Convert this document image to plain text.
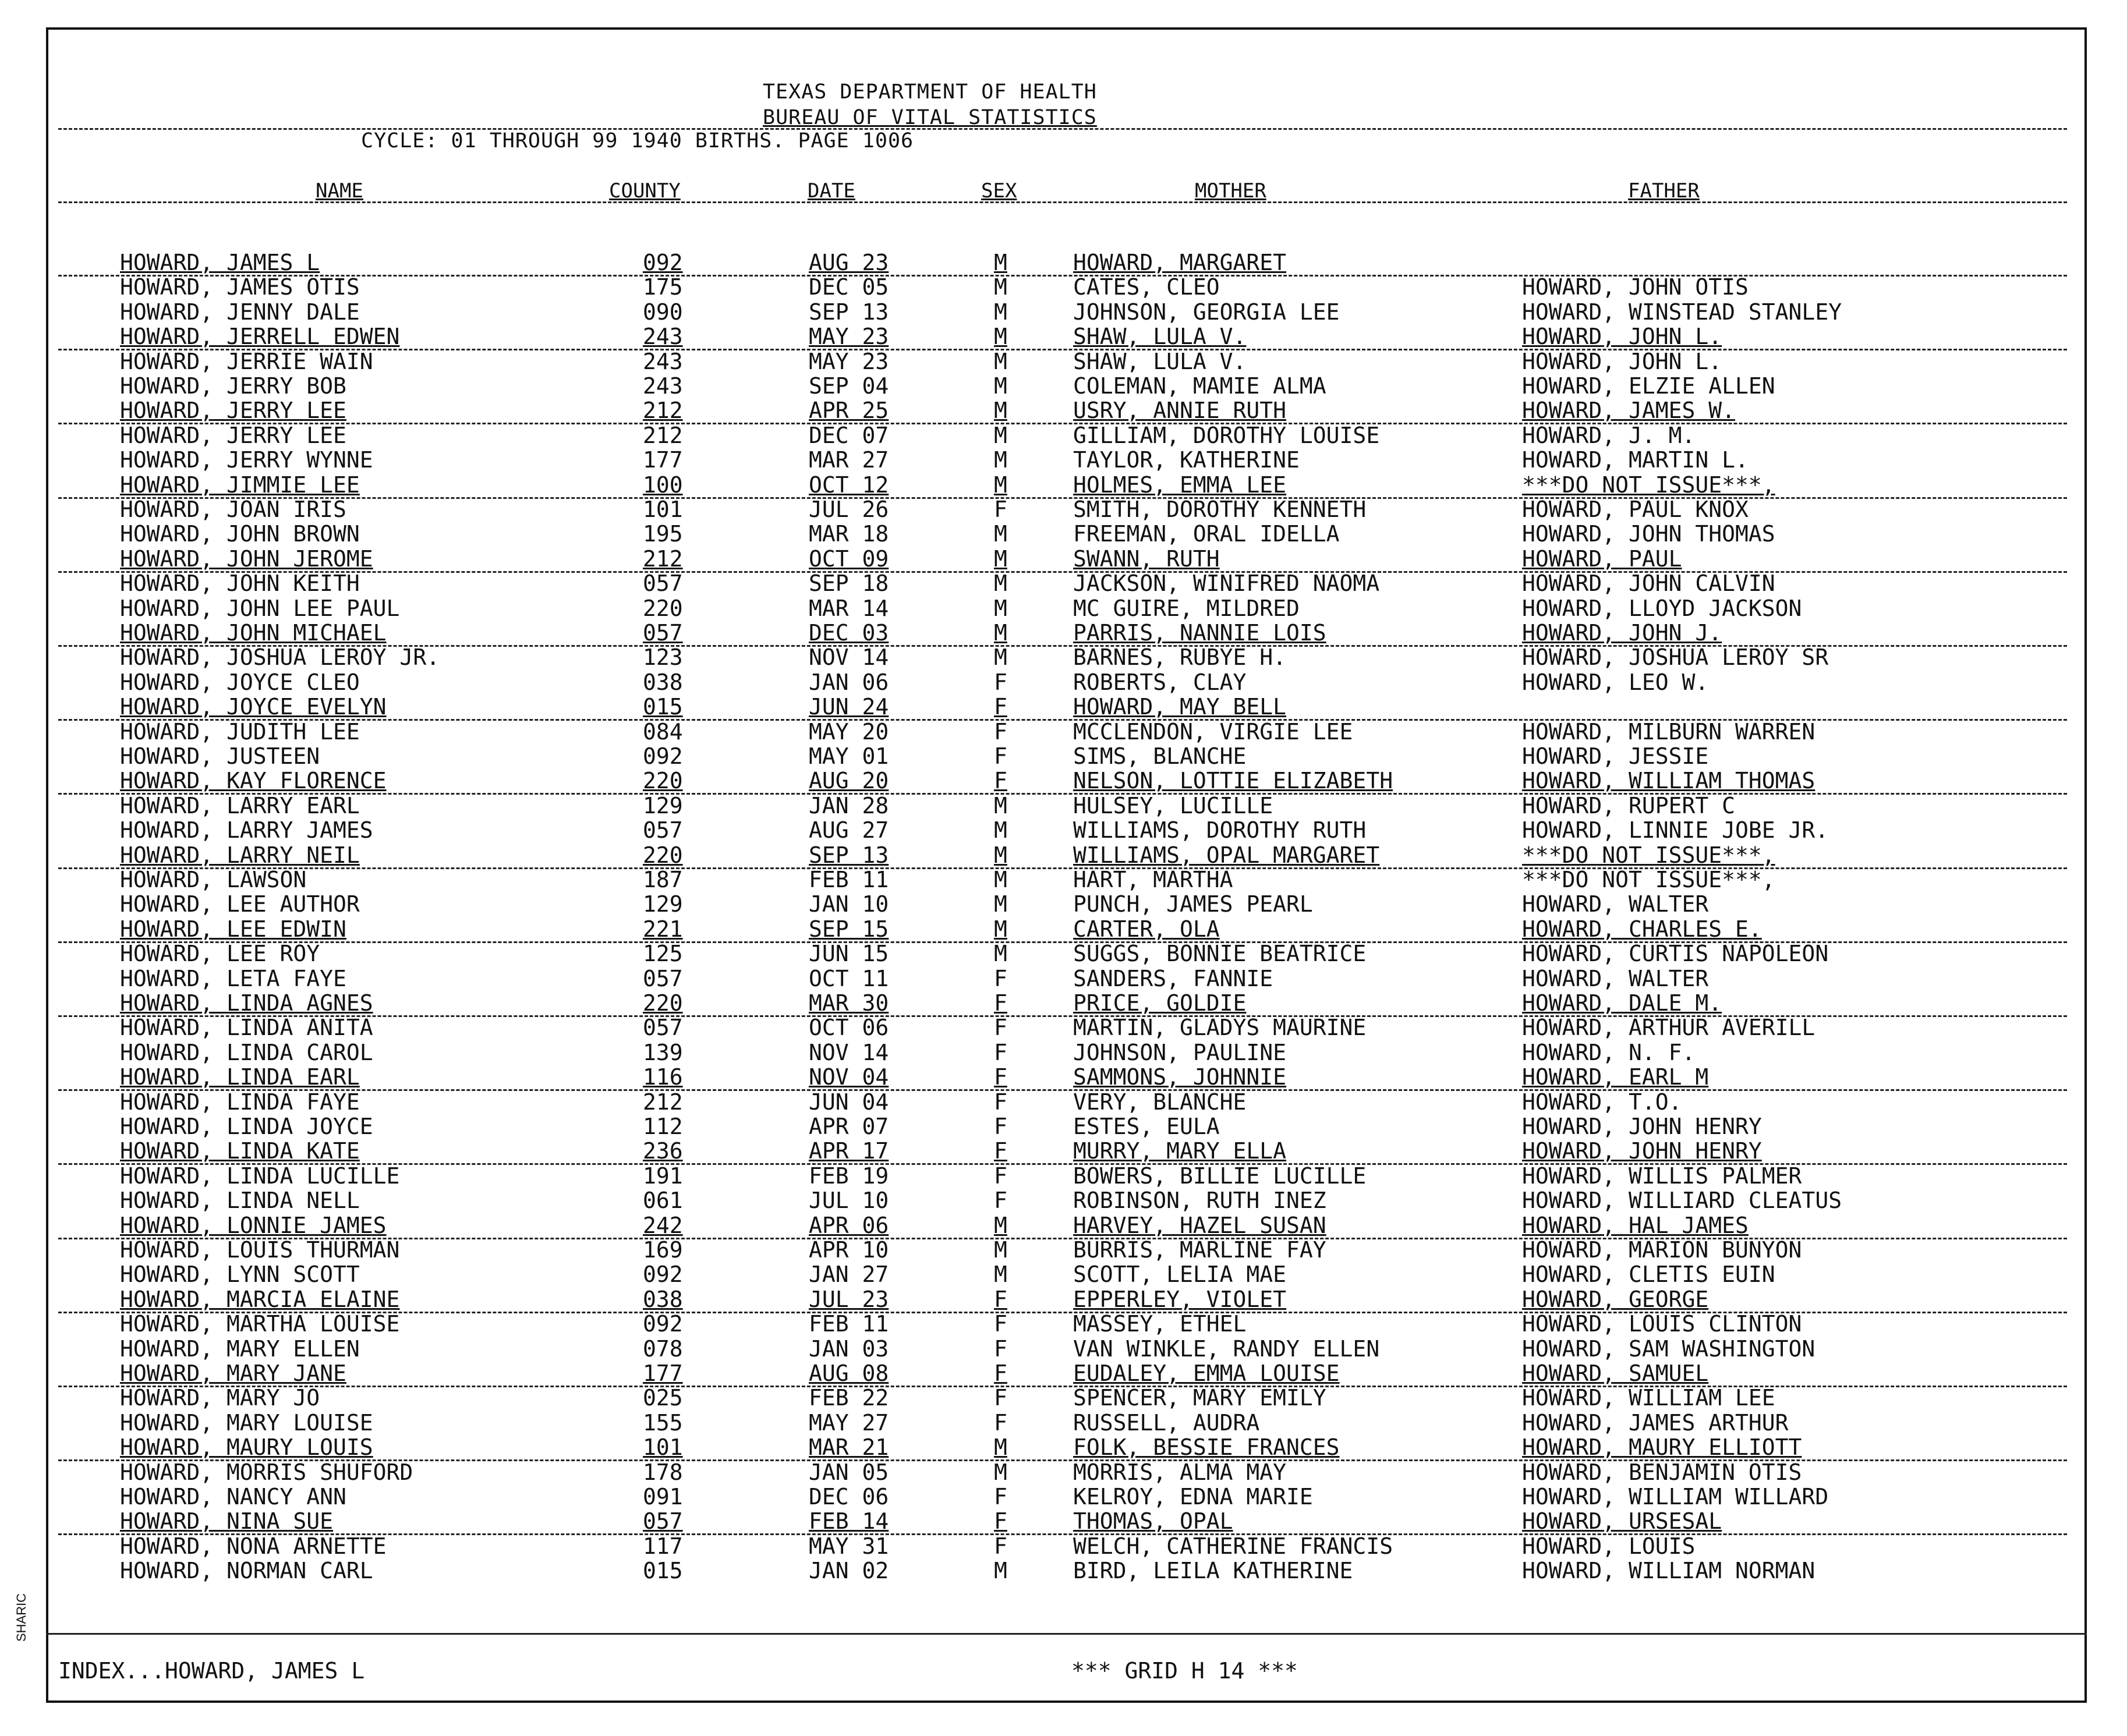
SHARIC
TEXAS DEPARTMENT OF HEALTH
BUREAU OF VITAL STATISTICS
CYCLE: 01 THROUGH 99 1940 BIRTHS. PAGE 1006
NAME	COUNTY	DATE	SEX	MOTHER	FATHER
HOWARD, JAMES L	092	AUG 23	M	HOWARD, MARGARET
HOWARD, JAMES OTIS	175	DEC 05	M	CATES, CLEO	HOWARD, JOHN OTIS
HOWARD, JENNY DALE	090	SEP 13	M	JOHNSON, GEORGIA LEE	HOWARD, WINSTEAD STANLEY
HOWARD, JERRELL EDWEN	243	MAY 23	M	SHAW, LULA V.	HOWARD, JOHN L.
HOWARD, JERRIE WAIN	243	MAY 23	M	SHAW, LULA V.	HOWARD, JOHN L.
HOWARD, JERRY BOB	243	SEP 04	M	COLEMAN, MAMIE ALMA	HOWARD, ELZIE ALLEN
HOWARD, JERRY LEE	212	APR 25	M	USRY, ANNIE RUTH	HOWARD, JAMES W.
HOWARD, JERRY LEE	212	DEC 07	M	GILLIAM, DOROTHY LOUISE	HOWARD, J. M.
HOWARD, JERRY WYNNE	177	MAR 27	M	TAYLOR, KATHERINE	HOWARD, MARTIN L.
HOWARD, JIMMIE LEE	100	OCT 12	M	HOLMES, EMMA LEE	***DO NOT ISSUE***,
HOWARD, JOAN IRIS	101	JUL 26	F	SMITH, DOROTHY KENNETH	HOWARD, PAUL KNOX
HOWARD, JOHN BROWN	195	MAR 18	M	FREEMAN, ORAL IDELLA	HOWARD, JOHN THOMAS
HOWARD, JOHN JEROME	212	OCT 09	M	SWANN, RUTH	HOWARD, PAUL
HOWARD, JOHN KEITH	057	SEP 18	M	JACKSON, WINIFRED NAOMA	HOWARD, JOHN CALVIN
HOWARD, JOHN LEE PAUL	220	MAR 14	M	MC GUIRE, MILDRED	HOWARD, LLOYD JACKSON
HOWARD, JOHN MICHAEL	057	DEC 03	M	PARRIS, NANNIE LOIS	HOWARD, JOHN J.
HOWARD, JOSHUA LEROY JR.	123	NOV 14	M	BARNES, RUBYE H.	HOWARD, JOSHUA LEROY SR
HOWARD, JOYCE CLEO	038	JAN 06	F	ROBERTS, CLAY	HOWARD, LEO W.
HOWARD, JOYCE EVELYN	015	JUN 24	F	HOWARD, MAY BELL
HOWARD, JUDITH LEE	084	MAY 20	F	MCCLENDON, VIRGIE LEE	HOWARD, MILBURN WARREN
HOWARD, JUSTEEN	092	MAY 01	F	SIMS, BLANCHE	HOWARD, JESSIE
HOWARD, KAY FLORENCE	220	AUG 20	F	NELSON, LOTTIE ELIZABETH	HOWARD, WILLIAM THOMAS
HOWARD, LARRY EARL	129	JAN 28	M	HULSEY, LUCILLE	HOWARD, RUPERT C
HOWARD, LARRY JAMES	057	AUG 27	M	WILLIAMS, DOROTHY RUTH	HOWARD, LINNIE JOBE JR.
HOWARD, LARRY NEIL	220	SEP 13	M	WILLIAMS, OPAL MARGARET	***DO NOT ISSUE***,
HOWARD, LAWSON	187	FEB 11	M	HART, MARTHA	***DO NOT ISSUE***,
HOWARD, LEE AUTHOR	129	JAN 10	M	PUNCH, JAMES PEARL	HOWARD, WALTER
HOWARD, LEE EDWIN	221	SEP 15	M	CARTER, OLA	HOWARD, CHARLES E.
HOWARD, LEE ROY	125	JUN 15	M	SUGGS, BONNIE BEATRICE	HOWARD, CURTIS NAPOLEON
HOWARD, LETA FAYE	057	OCT 11	F	SANDERS, FANNIE	HOWARD, WALTER
HOWARD, LINDA AGNES	220	MAR 30	F	PRICE, GOLDIE	HOWARD, DALE M.
HOWARD, LINDA ANITA	057	OCT 06	F	MARTIN, GLADYS MAURINE	HOWARD, ARTHUR AVERILL
HOWARD, LINDA CAROL	139	NOV 14	F	JOHNSON, PAULINE	HOWARD, N. F.
HOWARD, LINDA EARL	116	NOV 04	F	SAMMONS, JOHNNIE	HOWARD, EARL M
HOWARD, LINDA FAYE	212	JUN 04	F	VERY, BLANCHE	HOWARD, T.O.
HOWARD, LINDA JOYCE	112	APR 07	F	ESTES, EULA	HOWARD, JOHN HENRY
HOWARD, LINDA KATE	236	APR 17	F	MURRY, MARY ELLA	HOWARD, JOHN HENRY
HOWARD, LINDA LUCILLE	191	FEB 19	F	BOWERS, BILLIE LUCILLE	HOWARD, WILLIS PALMER
HOWARD, LINDA NELL	061	JUL 10	F	ROBINSON, RUTH INEZ	HOWARD, WILLIARD CLEATUS
HOWARD, LONNIE JAMES	242	APR 06	M	HARVEY, HAZEL SUSAN	HOWARD, HAL JAMES
HOWARD, LOUIS THURMAN	169	APR 10	M	BURRIS, MARLINE FAY	HOWARD, MARION BUNYON
HOWARD, LYNN SCOTT	092	JAN 27	M	SCOTT, LELIA MAE	HOWARD, CLETIS EUIN
HOWARD, MARCIA ELAINE	038	JUL 23	F	EPPERLEY, VIOLET	HOWARD, GEORGE
HOWARD, MARTHA LOUISE	092	FEB 11	F	MASSEY, ETHEL	HOWARD, LOUIS CLINTON
HOWARD, MARY ELLEN	078	JAN 03	F	VAN WINKLE, RANDY ELLEN	HOWARD, SAM WASHINGTON
HOWARD, MARY JANE	177	AUG 08	F	EUDALEY, EMMA LOUISE	HOWARD, SAMUEL
HOWARD, MARY JO	025	FEB 22	F	SPENCER, MARY EMILY	HOWARD, WILLIAM LEE
HOWARD, MARY LOUISE	155	MAY 27	F	RUSSELL, AUDRA	HOWARD, JAMES ARTHUR
HOWARD, MAURY LOUIS	101	MAR 21	M	FOLK, BESSIE FRANCES	HOWARD, MAURY ELLIOTT
HOWARD, MORRIS SHUFORD	178	JAN 05	M	MORRIS, ALMA MAY	HOWARD, BENJAMIN OTIS
HOWARD, NANCY ANN	091	DEC 06	F	KELROY, EDNA MARIE	HOWARD, WILLIAM WILLARD
HOWARD, NINA SUE	057	FEB 14	F	THOMAS, OPAL	HOWARD, URSESAL
HOWARD, NONA ARNETTE	117	MAY 31	F	WELCH, CATHERINE FRANCIS	HOWARD, LOUIS
HOWARD, NORMAN CARL	015	JAN 02	M	BIRD, LEILA KATHERINE	HOWARD, WILLIAM NORMAN
INDEX...HOWARD, JAMES L	*** GRID H 14 ***
